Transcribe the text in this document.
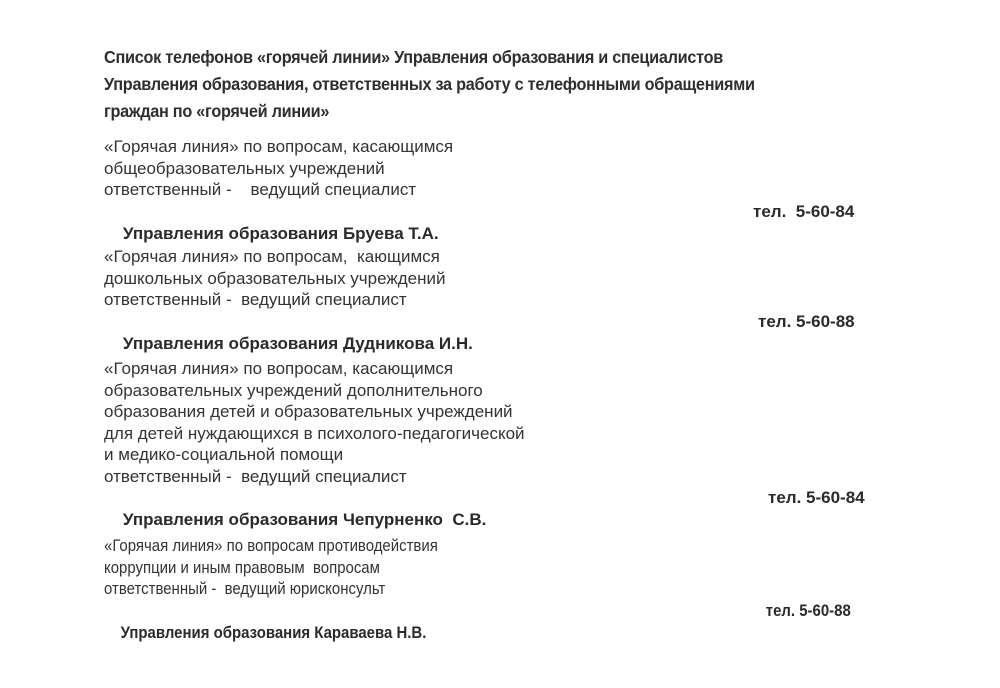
Список телефонов «горячей линии» Управления образования и специалистов
Управления образования, ответственных за работу с телефонными обращениями
граждан по «горячей линии»
«Горячая линия» по вопросам, касающимся
общеобразовательных учреждений
ответственный -    ведущий специалист

Управления образования Бруева Т.А.

тел.  5-60-84

«Горячая линия» по вопросам,  кающимся
дошкольных образовательных учреждений
ответственный -  ведущий специалист

Управления образования Дудникова И.Н.

тел. 5-60-88

«Горячая линия» по вопросам, касающимся
образовательных учреждений дополнительного
образования детей и образовательных учреждений
для детей нуждающихся в психолого-педагогической
и медико-социальной помощи
ответственный -  ведущий специалист

Управления образования Чепурненко  С.В.

тел. 5-60-84

«Горячая линия» по вопросам противодействия
коррупции и иным правовым  вопросам
ответственный -  ведущий юрисконсульт

Управления образования Караваева Н.В.

тел. 5-60-88
